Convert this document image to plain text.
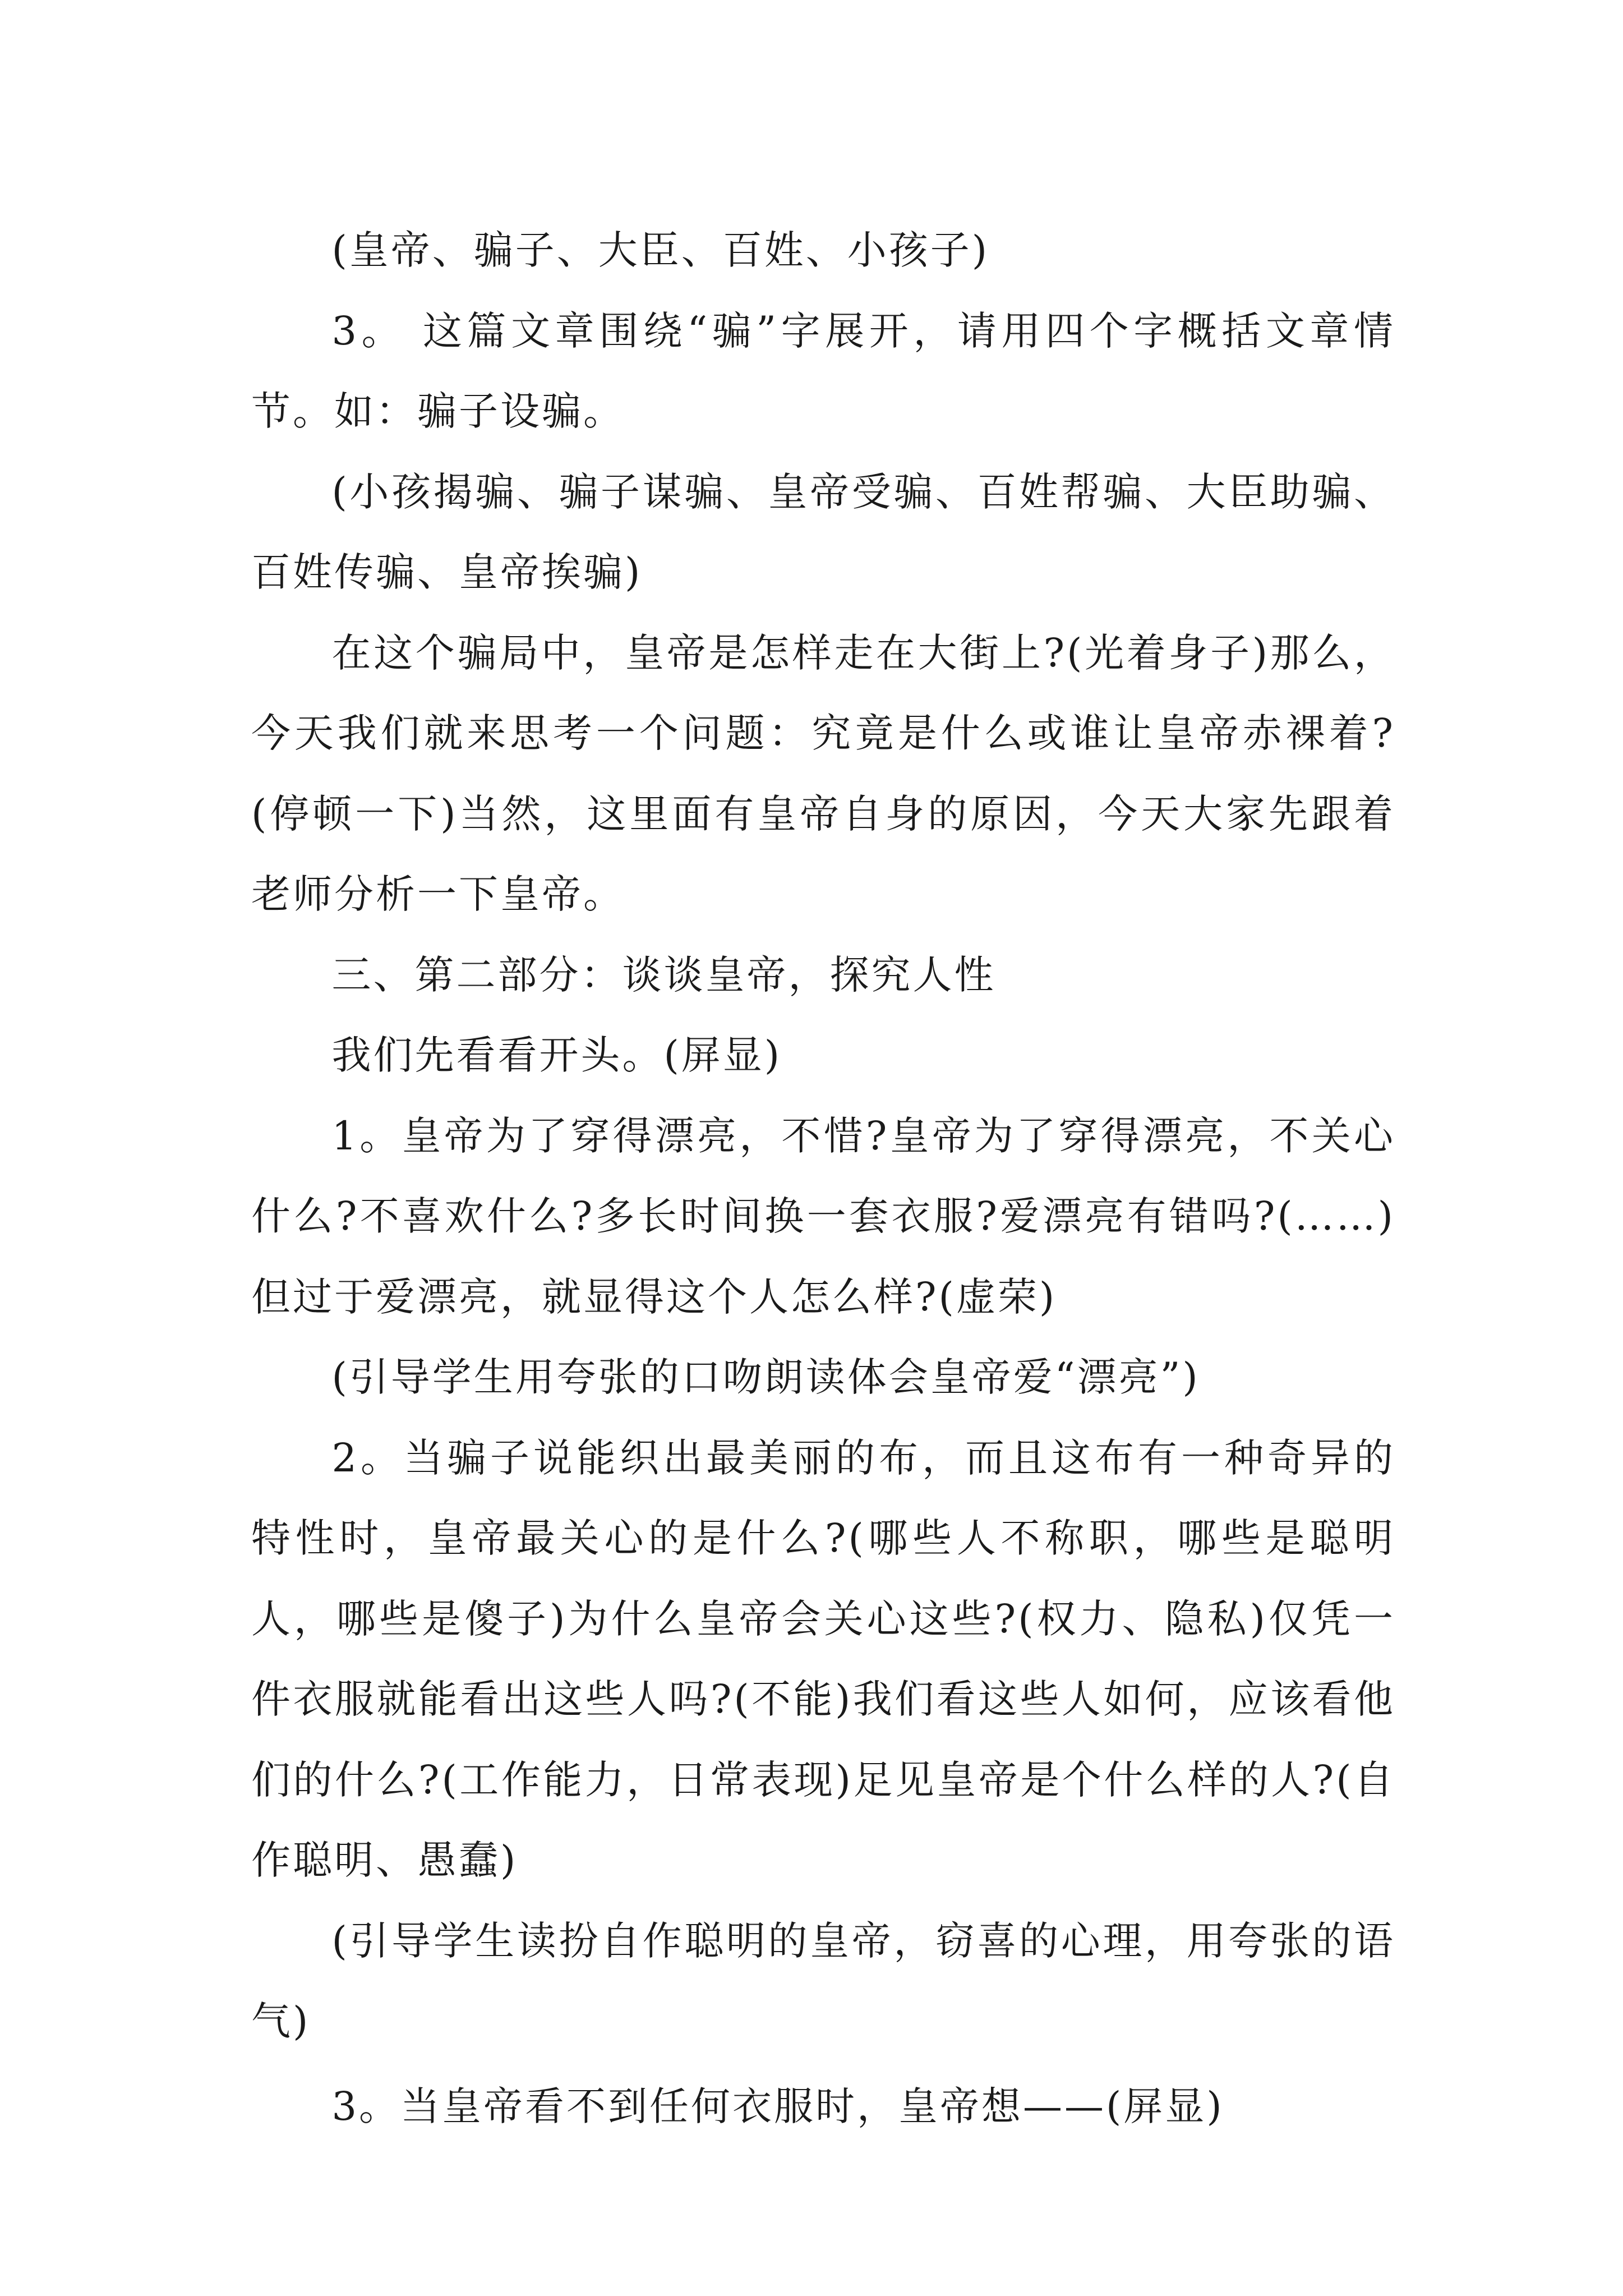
(皇帝、骗子、大臣、百姓、小孩子)

3。 这篇文章围绕“骗”字展开，请用四个字概括文章情节。如：骗子设骗。

(小孩揭骗、骗子谋骗、皇帝受骗、百姓帮骗、大臣助骗、百姓传骗、皇帝挨骗)

在这个骗局中，皇帝是怎样走在大街上?(光着身子)那么，今天我们就来思考一个问题：究竟是什么或谁让皇帝赤裸着?(停顿一下)当然，这里面有皇帝自身的原因，今天大家先跟着老师分析一下皇帝。

三、第二部分：谈谈皇帝，探究人性

我们先看看开头。(屏显)

1。皇帝为了穿得漂亮，不惜?皇帝为了穿得漂亮，不关心什么?不喜欢什么?多长时间换一套衣服?爱漂亮有错吗?(……)但过于爱漂亮，就显得这个人怎么样?(虚荣)

(引导学生用夸张的口吻朗读体会皇帝爱“漂亮”)

2。当骗子说能织出最美丽的布，而且这布有一种奇异的特性时，皇帝最关心的是什么?(哪些人不称职，哪些是聪明人，哪些是傻子)为什么皇帝会关心这些?(权力、隐私)仅凭一件衣服就能看出这些人吗?(不能)我们看这些人如何，应该看他们的什么?(工作能力，日常表现)足见皇帝是个什么样的人?(自作聪明、愚蠢)

(引导学生读扮自作聪明的皇帝，窃喜的心理，用夸张的语气)

3。当皇帝看不到任何衣服时，皇帝想——(屏显)
